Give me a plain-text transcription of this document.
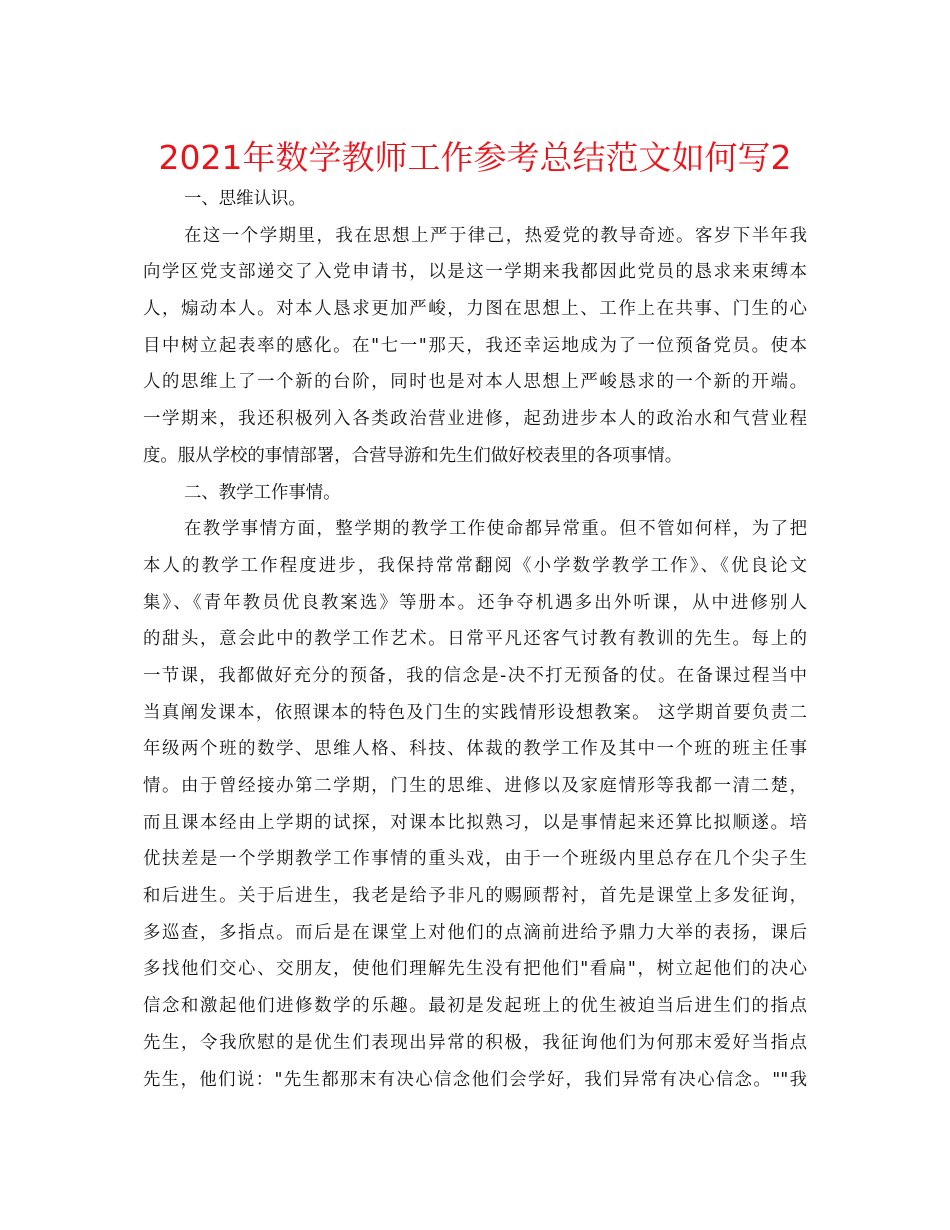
2021年数学教师工作参考总结范文如何写2
一、思维认识。
在这一个学期里，我在思想上严于律己，热爱党的教导奇迹。客岁下半年我
向学区党支部递交了入党申请书，以是这一学期来我都因此党员的恳求来束缚本
人，煽动本人。对本人恳求更加严峻，力图在思想上、工作上在共事、门生的心
目中树立起表率的感化。在"七一"那天，我还幸运地成为了一位预备党员。使本
人的思维上了一个新的台阶，同时也是对本人思想上严峻恳求的一个新的开端。
一学期来，我还积极列入各类政治营业进修，起劲进步本人的政治水和气营业程
度。服从学校的事情部署，合营导游和先生们做好校表里的各项事情。
二、教学工作事情。
在教学事情方面，整学期的教学工作使命都异常重。但不管如何样，为了把
本人的教学工作程度进步，我保持常常翻阅《小学数学教学工作》、《优良论文
集》、《青年教员优良教案选》等册本。还争夺机遇多出外听课，从中进修别人
的甜头，意会此中的教学工作艺术。日常平凡还客气讨教有教训的先生。每上的
一节课，我都做好充分的预备，我的信念是-决不打无预备的仗。在备课过程当中
当真阐发课本，依照课本的特色及门生的实践情形设想教案。 这学期首要负责二
年级两个班的数学、思维人格、科技、体裁的教学工作及其中一个班的班主任事
情。由于曾经接办第二学期，门生的思维、进修以及家庭情形等我都一清二楚，
而且课本经由上学期的试探，对课本比拟熟习，以是事情起来还算比拟顺遂。培
优扶差是一个学期教学工作事情的重头戏，由于一个班级内里总存在几个尖子生
和后进生。关于后进生，我老是给予非凡的赐顾帮衬，首先是课堂上多发征询，
多巡查，多指点。而后是在课堂上对他们的点滴前进给予鼎力大举的表扬，课后
多找他们交心、交朋友，使他们理解先生没有把他们"看扁"，树立起他们的决心
信念和激起他们进修数学的乐趣。最初是发起班上的优生被迫当后进生们的指点
先生，令我欣慰的是优生们表现出异常的积极，我征询他们为何那末爱好当指点
先生，他们说："先生都那末有决心信念他们会学好，我们异常有决心信念。""我
